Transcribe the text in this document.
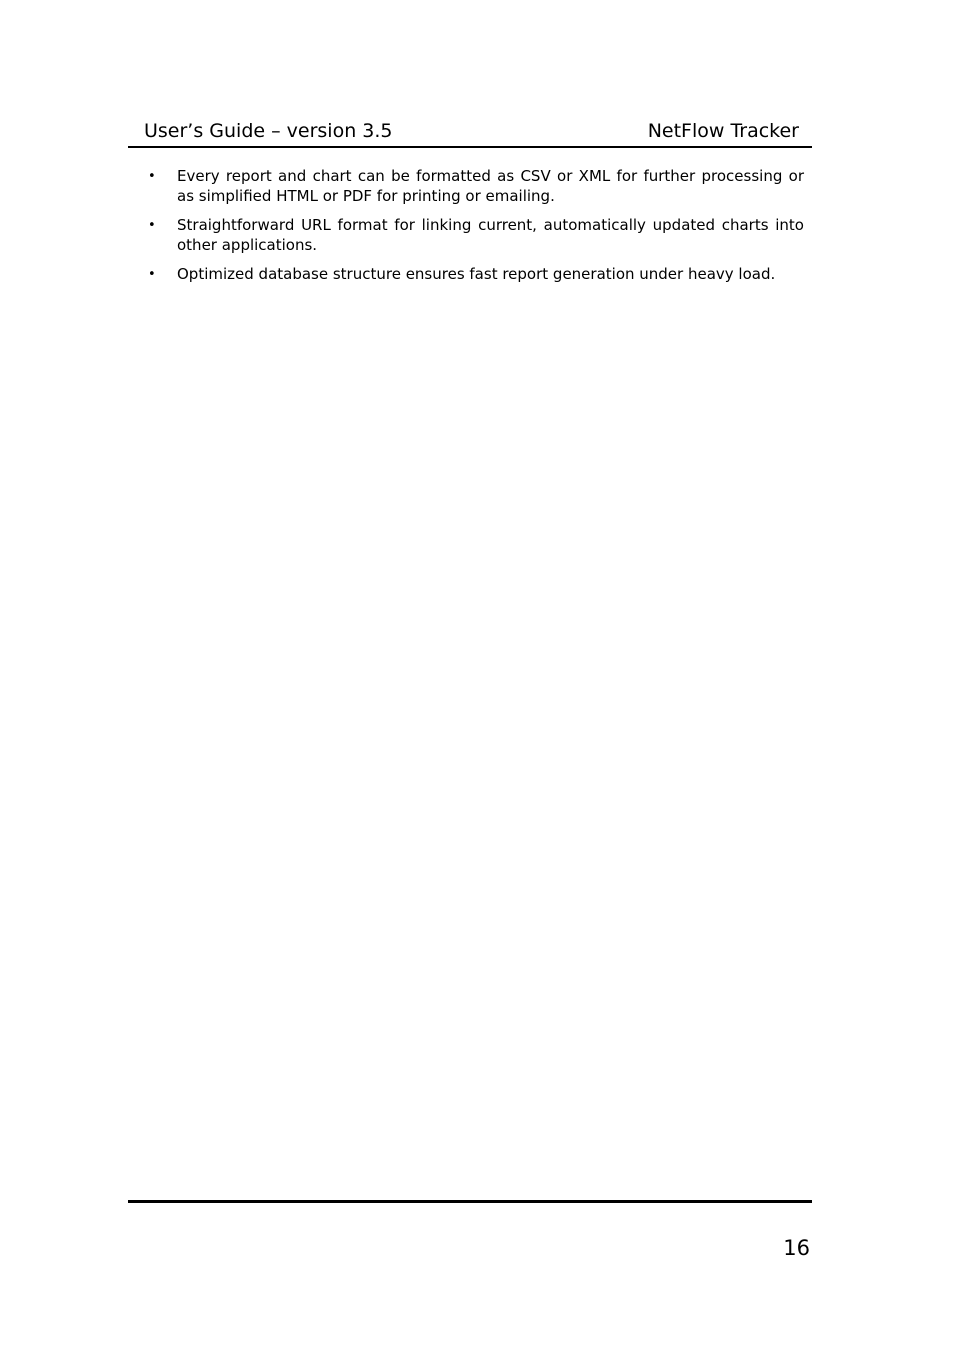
User’s Guide – version 3.5	NetFlow Tracker
• Every report and chart can be formatted as CSV or XML for further processing or as simplified HTML or PDF for printing or emailing.
• Straightforward URL format for linking current, automatically updated charts into other applications.
• Optimized database structure ensures fast report generation under heavy load.
16
